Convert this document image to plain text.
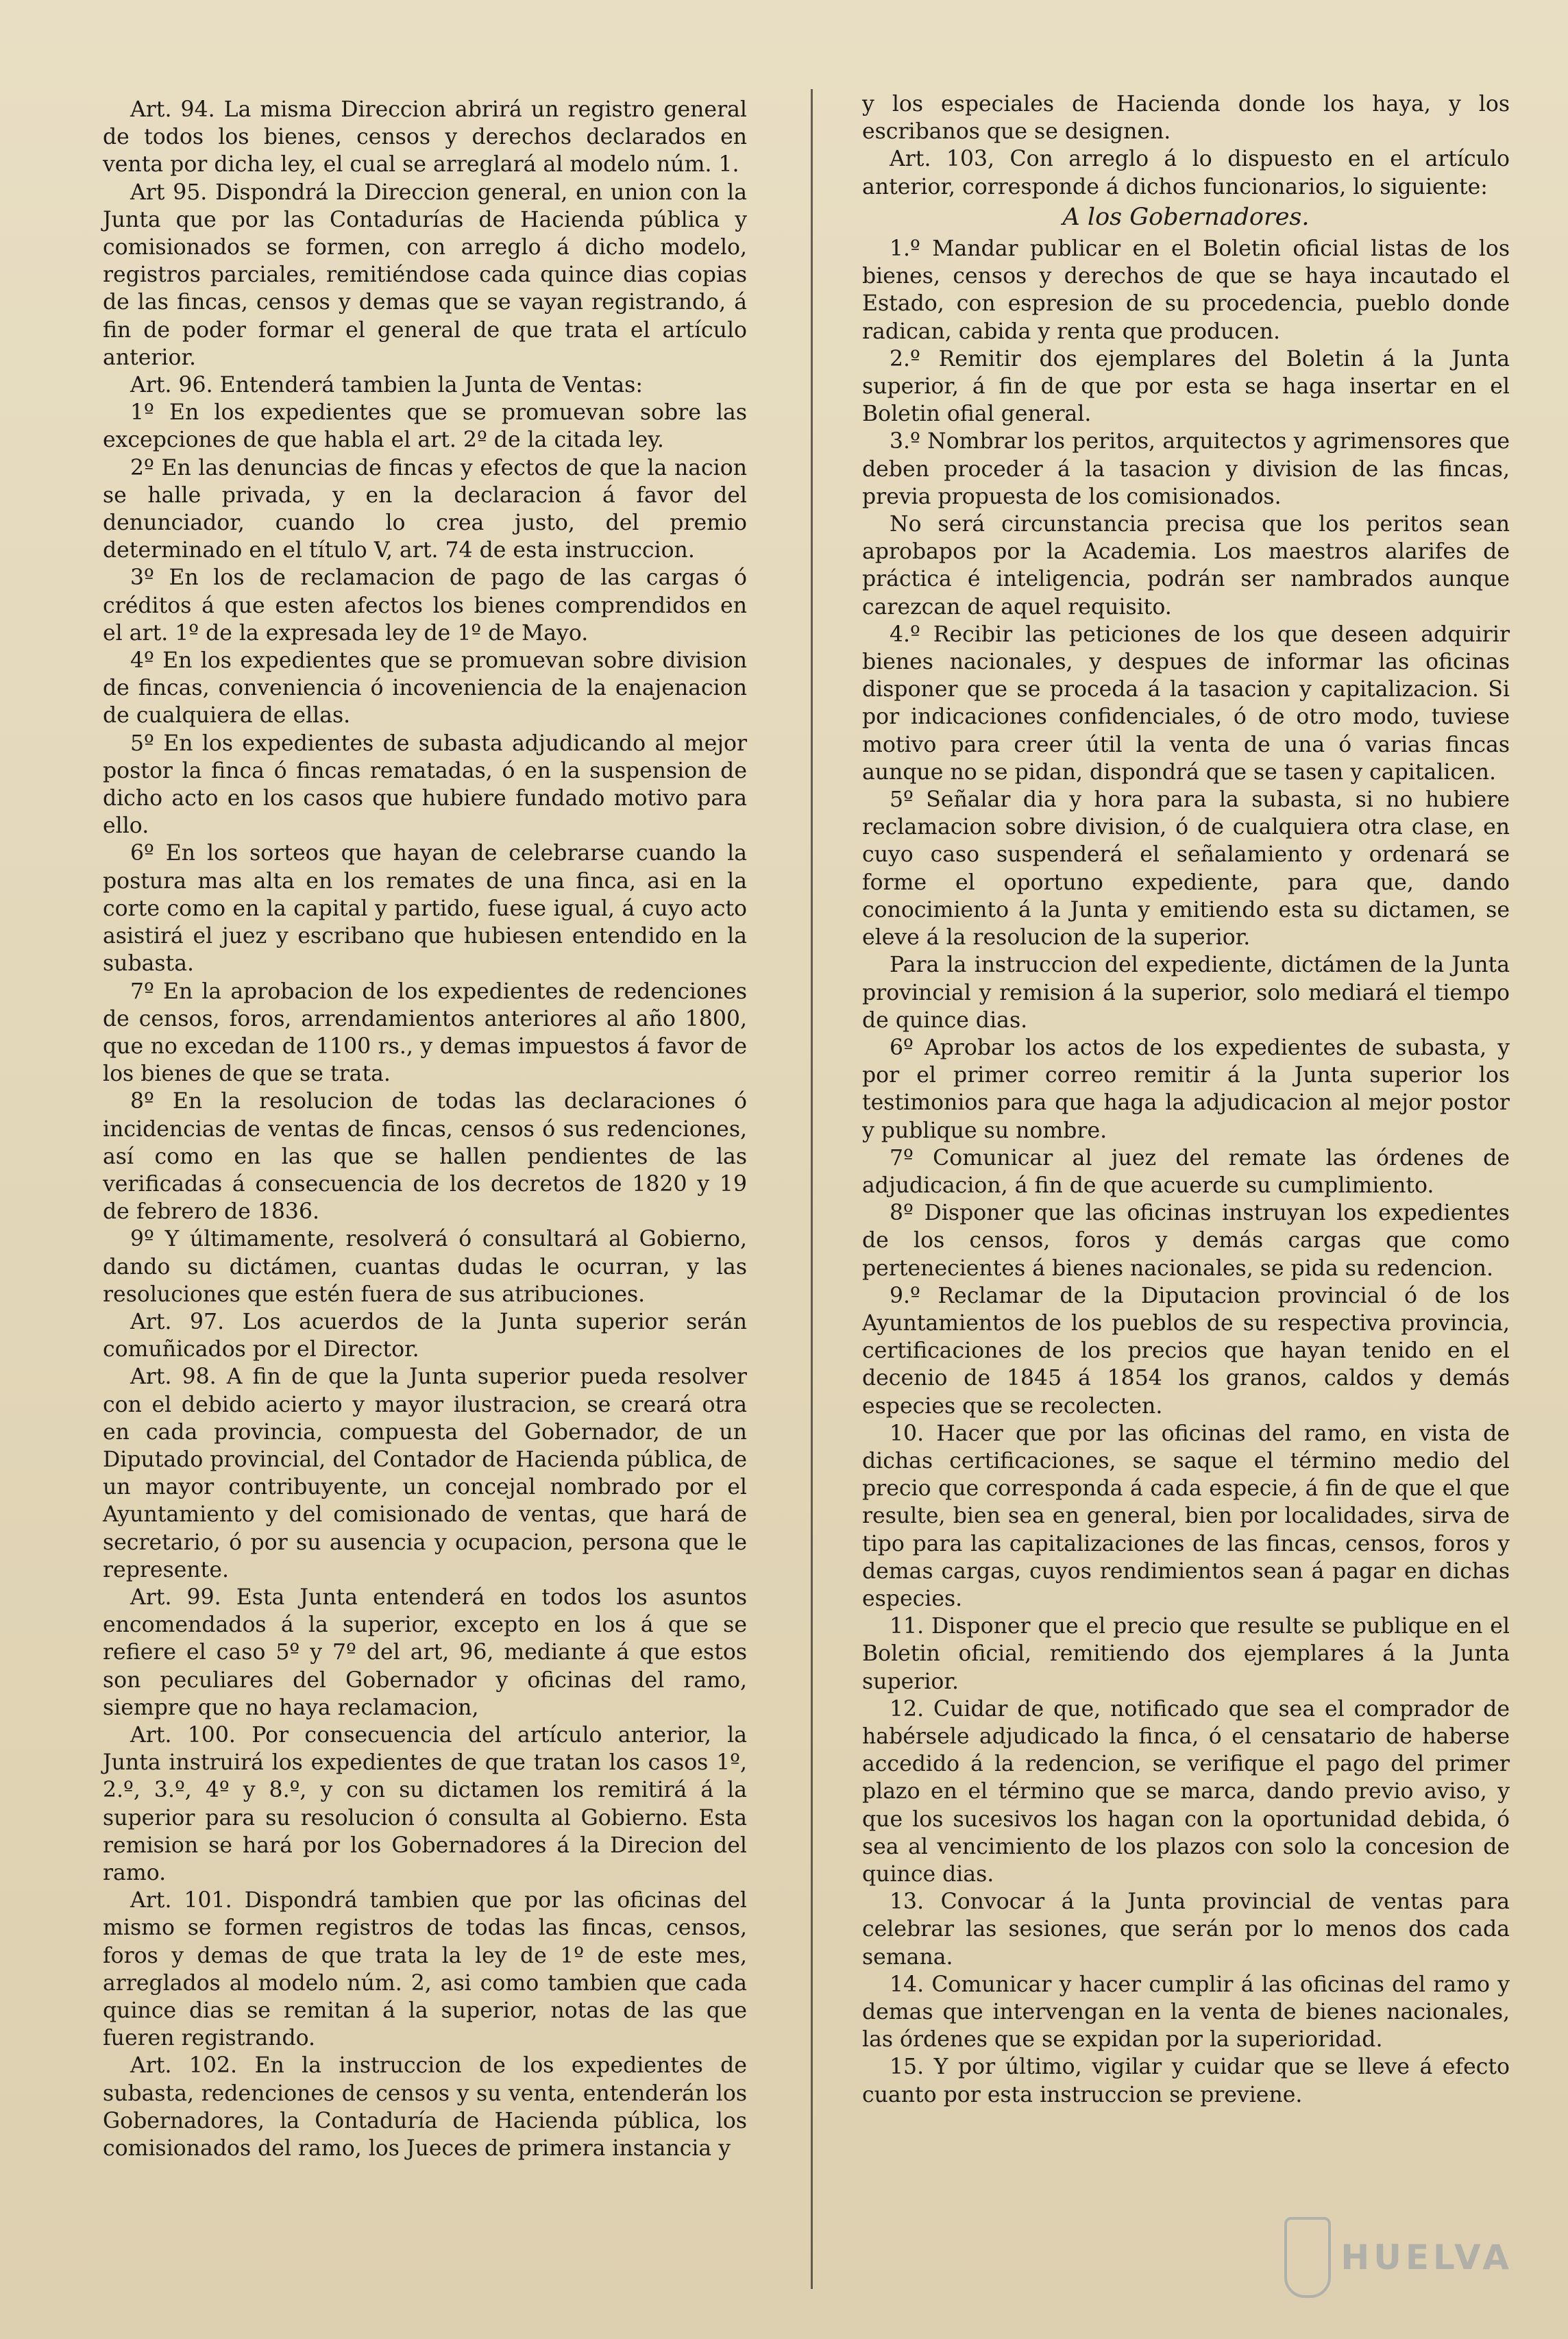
Art. 94. La misma Direccion abrirá un registro general de todos los bienes, censos y derechos declarados en venta por dicha ley, el cual se arreglará al modelo núm. 1.

Art 95. Dispondrá la Direccion general, en union con la Junta que por las Contadurías de Hacienda pública y comisionados se formen, con arreglo á dicho modelo, registros parciales, remitiéndose cada quince dias copias de las fincas, censos y demas que se vayan registrando, á fin de poder formar el general de que trata el artículo anterior.

Art. 96. Entenderá tambien la Junta de Ventas:

1º En los expedientes que se promuevan sobre las excepciones de que habla el art. 2º de la citada ley.

2º En las denuncias de fincas y efectos de que la nacion se halle privada, y en la declaracion á favor del denunciador, cuando lo crea justo, del premio determinado en el título V, art. 74 de esta instruccion.

3º En los de reclamacion de pago de las cargas ó créditos á que esten afectos los bienes comprendidos en el art. 1º de la expresada ley de 1º de Mayo.

4º En los expedientes que se promuevan sobre division de fincas, conveniencia ó incoveniencia de la enajenacion de cualquiera de ellas.

5º En los expedientes de subasta adjudicando al mejor postor la finca ó fincas rematadas, ó en la suspension de dicho acto en los casos que hubiere fundado motivo para ello.

6º En los sorteos que hayan de celebrarse cuando la postura mas alta en los remates de una finca, asi en la corte como en la capital y partido, fuese igual, á cuyo acto asistirá el juez y escribano que hubiesen entendido en la subasta.

7º En la aprobacion de los expedientes de redenciones de censos, foros, arrendamientos anteriores al año 1800, que no excedan de 1100 rs., y demas impuestos á favor de los bienes de que se trata.

8º En la resolucion de todas las declaraciones ó incidencias de ventas de fincas, censos ó sus redenciones, así como en las que se hallen pendientes de las verificadas á consecuencia de los decretos de 1820 y 19 de febrero de 1836.

9º Y últimamente, resolverá ó consultará al Gobierno, dando su dictámen, cuantas dudas le ocurran, y las resoluciones que estén fuera de sus atribuciones.

Art. 97. Los acuerdos de la Junta superior serán comuñicados por el Director.

Art. 98. A fin de que la Junta superior pueda resolver con el debido acierto y mayor ilustracion, se creará otra en cada provincia, compuesta del Gobernador, de un Diputado provincial, del Contador de Hacienda pública, de un mayor contribuyente, un concejal nombrado por el Ayuntamiento y del comisionado de ventas, que hará de secretario, ó por su ausencia y ocupacion, persona que le represente.

Art. 99. Esta Junta entenderá en todos los asuntos encomendados á la superior, excepto en los á que se refiere el caso 5º y 7º del art, 96, mediante á que estos son peculiares del Gobernador y oficinas del ramo, siempre que no haya reclamacion,

Art. 100. Por consecuencia del artículo anterior, la Junta instruirá los expedientes de que tratan los casos 1º, 2.º, 3.º, 4º y 8.º, y con su dictamen los remitirá á la superior para su resolucion ó consulta al Gobierno. Esta remision se hará por los Gobernadores á la Direcion del ramo.

Art. 101. Dispondrá tambien que por las oficinas del mismo se formen registros de todas las fincas, censos, foros y demas de que trata la ley de 1º de este mes, arreglados al modelo núm. 2, asi como tambien que cada quince dias se remitan á la superior, notas de las que fueren registrando.

Art. 102. En la instruccion de los expedientes de subasta, redenciones de censos y su venta, entenderán los Gobernadores, la Contaduría de Hacienda pública, los comisionados del ramo, los Jueces de primera instancia y

y los especiales de Hacienda donde los haya, y los escribanos que se designen.

Art. 103, Con arreglo á lo dispuesto en el artículo anterior, corresponde á dichos funcionarios, lo siguiente:

A los Gobernadores.

1.º Mandar publicar en el Boletin oficial listas de los bienes, censos y derechos de que se haya incautado el Estado, con espresion de su procedencia, pueblo donde radican, cabida y renta que producen.

2.º Remitir dos ejemplares del Boletin á la Junta superior, á fin de que por esta se haga insertar en el Boletin ofial general.

3.º Nombrar los peritos, arquitectos y agrimensores que deben proceder á la tasacion y division de las fincas, previa propuesta de los comisionados.

No será circunstancia precisa que los peritos sean aprobapos por la Academia. Los maestros alarifes de práctica é inteligencia, podrán ser nambrados aunque carezcan de aquel requisito.

4.º Recibir las peticiones de los que deseen adquirir bienes nacionales, y despues de informar las oficinas disponer que se proceda á la tasacion y capitalizacion. Si por indicaciones confidenciales, ó de otro modo, tuviese motivo para creer útil la venta de una ó varias fincas aunque no se pidan, dispondrá que se tasen y capitalicen.

5º Señalar dia y hora para la subasta, si no hubiere reclamacion sobre division, ó de cualquiera otra clase, en cuyo caso suspenderá el señalamiento y ordenará se forme el oportuno expediente, para que, dando conocimiento á la Junta y emitiendo esta su dictamen, se eleve á la resolucion de la superior.

Para la instruccion del expediente, dictámen de la Junta provincial y remision á la superior, solo mediará el tiempo de quince dias.

6º Aprobar los actos de los expedientes de subasta, y por el primer correo remitir á la Junta superior los testimonios para que haga la adjudicacion al mejor postor y publique su nombre.

7º Comunicar al juez del remate las órdenes de adjudicacion, á fin de que acuerde su cumplimiento.

8º Disponer que las oficinas instruyan los expedientes de los censos, foros y demás cargas que como pertenecientes á bienes nacionales, se pida su redencion.

9.º Reclamar de la Diputacion provincial ó de los Ayuntamientos de los pueblos de su respectiva provincia, certificaciones de los precios que hayan tenido en el decenio de 1845 á 1854 los granos, caldos y demás especies que se recolecten.

10. Hacer que por las oficinas del ramo, en vista de dichas certificaciones, se saque el término medio del precio que corresponda á cada especie, á fin de que el que resulte, bien sea en general, bien por localidades, sirva de tipo para las capitalizaciones de las fincas, censos, foros y demas cargas, cuyos rendimientos sean á pagar en dichas especies.

11. Disponer que el precio que resulte se publique en el Boletin oficial, remitiendo dos ejemplares á la Junta superior.

12. Cuidar de que, notificado que sea el comprador de habérsele adjudicado la finca, ó el censatario de haberse accedido á la redencion, se verifique el pago del primer plazo en el término que se marca, dando previo aviso, y que los sucesivos los hagan con la oportunidad debida, ó sea al vencimiento de los plazos con solo la concesion de quince dias.

13. Convocar á la Junta provincial de ventas para celebrar las sesiones, que serán por lo menos dos cada semana.

14. Comunicar y hacer cumplir á las oficinas del ramo y demas que intervengan en la venta de bienes nacionales, las órdenes que se expidan por la superioridad.

15. Y por último, vigilar y cuidar que se lleve á efecto cuanto por esta instruccion se previene.

HUELVA
